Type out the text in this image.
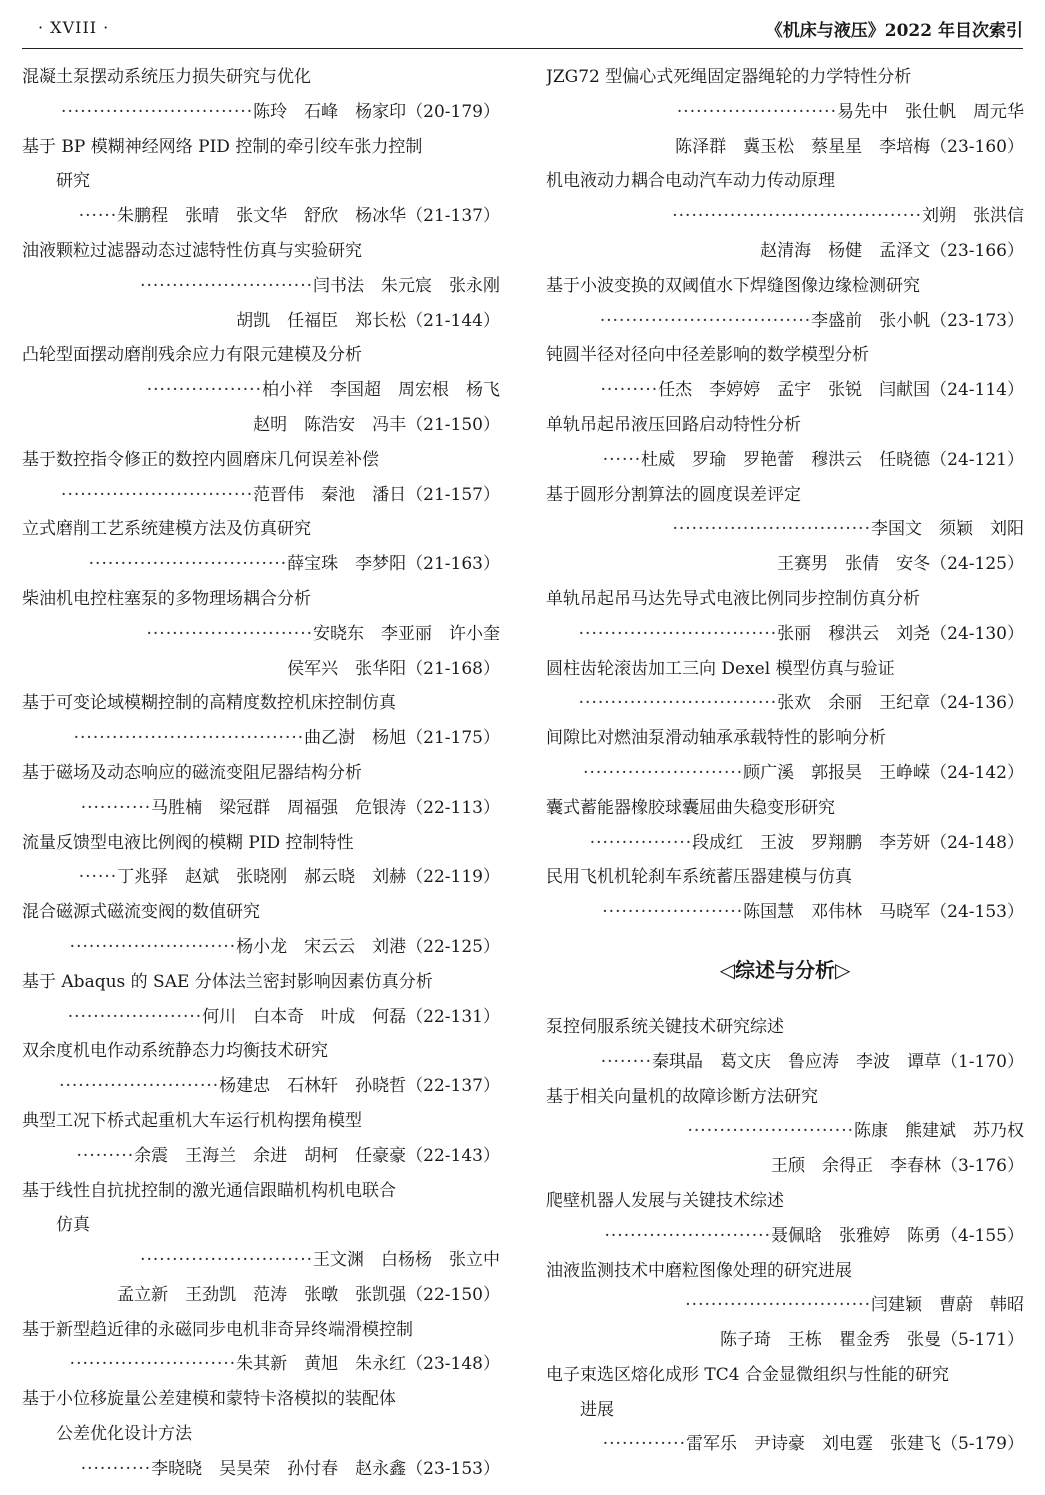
· XVIII ·	《机床与液压》2022 年目次索引
混凝土泵摆动系统压力损失研究与优化
······························陈玲　石峰　杨家印（20-179）
基于 BP 模糊神经网络 PID 控制的牵引绞车张力控制
研究
······朱鹏程　张晴　张文华　舒欣　杨冰华（21-137）
油液颗粒过滤器动态过滤特性仿真与实验研究
···························闫书法　朱元宸　张永刚
胡凯　任福臣　郑长松（21-144）
凸轮型面摆动磨削残余应力有限元建模及分析
··················柏小祥　李国超　周宏根　杨飞
赵明　陈浩安　冯丰（21-150）
基于数控指令修正的数控内圆磨床几何误差补偿
······························范晋伟　秦池　潘日（21-157）
立式磨削工艺系统建模方法及仿真研究
·······························薛宝珠　李梦阳（21-163）
柴油机电控柱塞泵的多物理场耦合分析
··························安晓东　李亚丽　许小奎
侯军兴　张华阳（21-168）
基于可变论域模糊控制的高精度数控机床控制仿真
····································曲乙澍　杨旭（21-175）
基于磁场及动态响应的磁流变阻尼器结构分析
···········马胜楠　梁冠群　周福强　危银涛（22-113）
流量反馈型电液比例阀的模糊 PID 控制特性
······丁兆驿　赵斌　张晓刚　郝云晓　刘赫（22-119）
混合磁源式磁流变阀的数值研究
··························杨小龙　宋云云　刘港（22-125）
基于 Abaqus 的 SAE 分体法兰密封影响因素仿真分析
·····················何川　白本奇　叶成　何磊（22-131）
双余度机电作动系统静态力均衡技术研究
·························杨建忠　石林轩　孙晓哲（22-137）
典型工况下桥式起重机大车运行机构摆角模型
·········余震　王海兰　余进　胡柯　任豪豪（22-143）
基于线性自抗扰控制的激光通信跟瞄机构机电联合
仿真
···························王文渊　白杨杨　张立中
孟立新　王劲凯　范涛　张暾　张凯强（22-150）
基于新型趋近律的永磁同步电机非奇异终端滑模控制
··························朱其新　黄旭　朱永红（23-148）
基于小位移旋量公差建模和蒙特卡洛模拟的装配体
公差优化设计方法
···········李晓晓　吴昊荣　孙付春　赵永鑫（23-153）
JZG72 型偏心式死绳固定器绳轮的力学特性分析
·························易先中　张仕帆　周元华
陈泽群　冀玉松　蔡星星　李培梅（23-160）
机电液动力耦合电动汽车动力传动原理
·······································刘朔　张洪信
赵清海　杨健　孟泽文（23-166）
基于小波变换的双阈值水下焊缝图像边缘检测研究
·································李盛前　张小帆（23-173）
钝圆半径对径向中径差影响的数学模型分析
·········任杰　李婷婷　孟宇　张锐　闫献国（24-114）
单轨吊起吊液压回路启动特性分析
······杜威　罗瑜　罗艳蕾　穆洪云　任晓德（24-121）
基于圆形分割算法的圆度误差评定
·······························李国文　须颖　刘阳
王赛男　张倩　安冬（24-125）
单轨吊起吊马达先导式电液比例同步控制仿真分析
·······························张丽　穆洪云　刘尧（24-130）
圆柱齿轮滚齿加工三向 Dexel 模型仿真与验证
·······························张欢　余丽　王纪章（24-136）
间隙比对燃油泵滑动轴承承载特性的影响分析
·························顾广溪　郭报昊　王峥嵘（24-142）
囊式蓄能器橡胶球囊屈曲失稳变形研究
················段成红　王波　罗翔鹏　李芳妍（24-148）
民用飞机机轮刹车系统蓄压器建模与仿真
······················陈国慧　邓伟林　马晓军（24-153）
◁综述与分析▷
泵控伺服系统关键技术研究综述
········秦琪晶　葛文庆　鲁应涛　李波　谭草（1-170）
基于相关向量机的故障诊断方法研究
··························陈康　熊建斌　苏乃权
王颀　余得正　李春林（3-176）
爬壁机器人发展与关键技术综述
··························聂佩晗　张雅婷　陈勇（4-155）
油液监测技术中磨粒图像处理的研究进展
·····························闫建颖　曹蔚　韩昭
陈子琦　王栋　瞿金秀　张曼（5-171）
电子束选区熔化成形 TC4 合金显微组织与性能的研究
进展
·············雷军乐　尹诗豪　刘电霆　张建飞（5-179）
